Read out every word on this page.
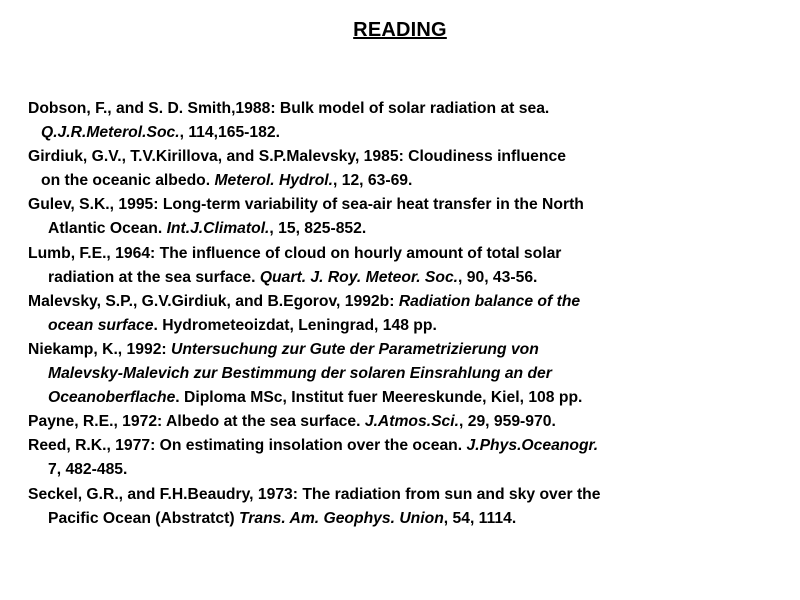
READING
Dobson, F., and S. D. Smith,1988: Bulk model of solar radiation at sea.
Q.J.R.Meterol.Soc., 114,165-182.
Girdiuk, G.V., T.V.Kirillova, and S.P.Malevsky, 1985: Cloudiness influence
on the oceanic albedo. Meterol. Hydrol., 12, 63-69.
Gulev, S.K., 1995: Long-term variability of sea-air heat transfer in the North
Atlantic Ocean. Int.J.Climatol., 15, 825-852.
Lumb, F.E., 1964: The influence of cloud on hourly amount of total solar
radiation at the sea surface. Quart. J. Roy. Meteor. Soc., 90, 43-56.
Malevsky, S.P., G.V.Girdiuk, and B.Egorov, 1992b: Radiation balance of the
ocean surface. Hydrometeoizdat, Leningrad, 148 pp.
Niekamp, K., 1992: Untersuchung zur Gute der Parametrizierung von
Malevsky-Malevich zur Bestimmung der solaren Einsrahlung an der
Oceanoberflache. Diploma MSc, Institut fuer Meereskunde, Kiel, 108 pp.
Payne, R.E., 1972: Albedo at the sea surface. J.Atmos.Sci., 29, 959-970.
Reed, R.K., 1977: On estimating insolation over the ocean. J.Phys.Oceanogr.
7, 482-485.
Seckel, G.R., and F.H.Beaudry, 1973: The radiation from sun and sky over the
Pacific Ocean (Abstratct) Trans. Am. Geophys. Union, 54, 1114.
